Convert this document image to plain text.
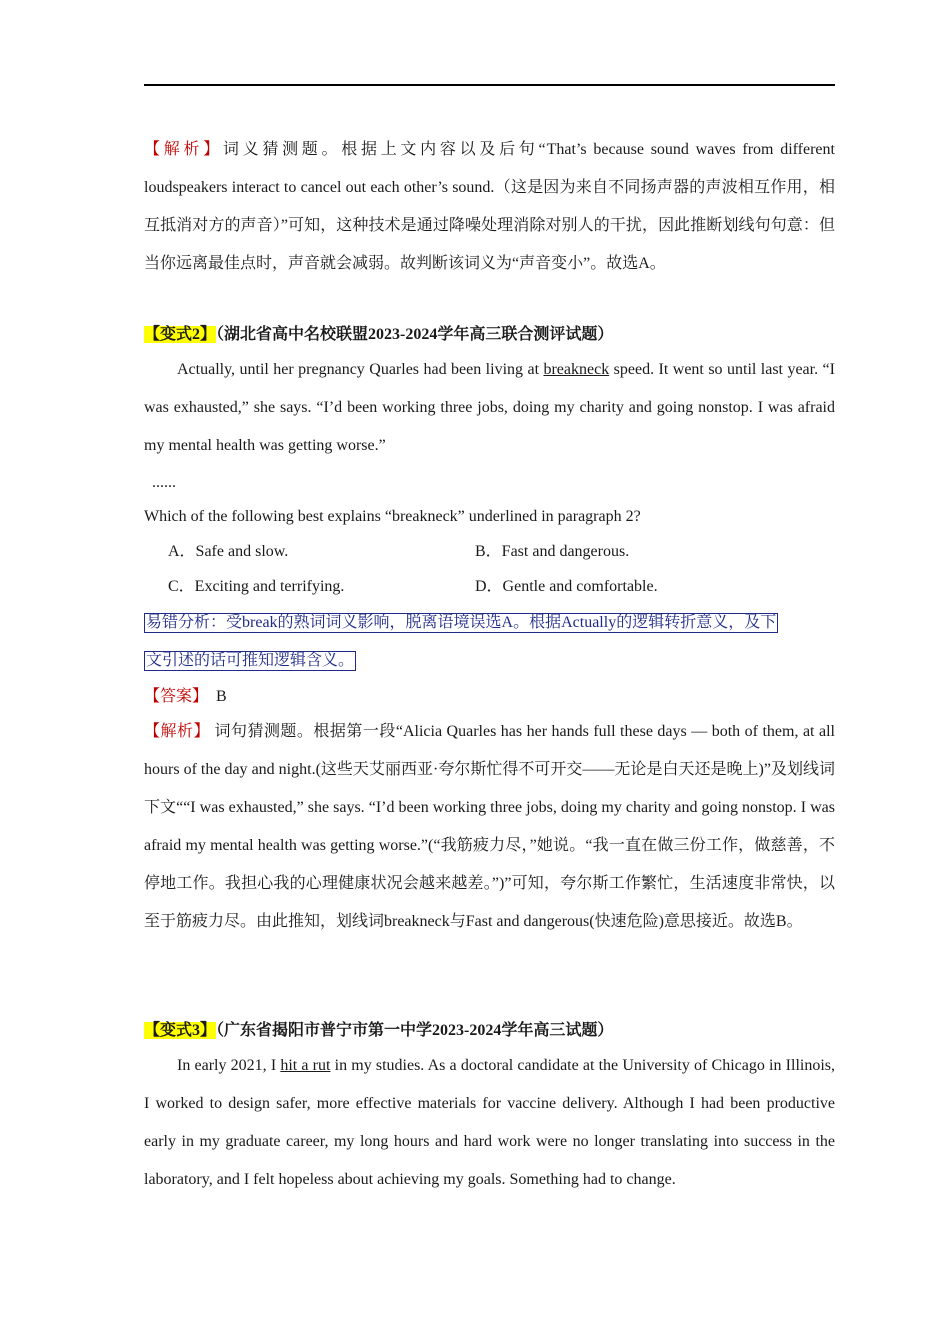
【解析】词义猜测题。根据上文内容以及后句“That’s because sound waves from different loudspeakers interact to cancel out each other’s sound.（这是因为来自不同扬声器的声波相互作用，相互抵消对方的声音）”可知，这种技术是通过降噪处理消除对别人的干扰，因此推断划线句句意：但当你远离最佳点时，声音就会减弱。故判断该词义为“声音变小”。故选A。

【变式2】（湖北省高中名校联盟2023-2024学年高三联合测评试题）

Actually, until her pregnancy Quarles had been living at breakneck speed. It went so until last year. “I was exhausted,” she says. “I’d been working three jobs, doing my charity and going nonstop. I was afraid my mental health was getting worse.”

......

Which of the following best explains “breakneck” underlined in paragraph 2?

A．Safe and slow.	B．Fast and dangerous.
C．Exciting and terrifying.	D．Gentle and comfortable.

易错分析：受break的熟词词义影响，脱离语境误选A。根据Actually的逻辑转折意义，及下
文引述的话可推知逻辑含义。

【答案】 B

【解析】 词句猜测题。根据第一段“Alicia Quarles has her hands full these days — both of them, at all hours of the day and night.(这些天艾丽西亚·夸尔斯忙得不可开交——无论是白天还是晚上)”及划线词下文““I was exhausted,” she says. “I’d been working three jobs, doing my charity and going nonstop. I was afraid my mental health was getting worse.”(“我筋疲力尽，”她说。“我一直在做三份工作，做慈善，不停地工作。我担心我的心理健康状况会越来越差。”)”可知，夸尔斯工作繁忙，生活速度非常快，以至于筋疲力尽。由此推知，划线词breakneck与Fast and dangerous(快速危险)意思接近。故选B。

【变式3】（广东省揭阳市普宁市第一中学2023-2024学年高三试题）

In early 2021, I hit a rut in my studies. As a doctoral candidate at the University of Chicago in Illinois, I worked to design safer, more effective materials for vaccine delivery. Although I had been productive early in my graduate career, my long hours and hard work were no longer translating into success in the laboratory, and I felt hopeless about achieving my goals. Something had to change.
